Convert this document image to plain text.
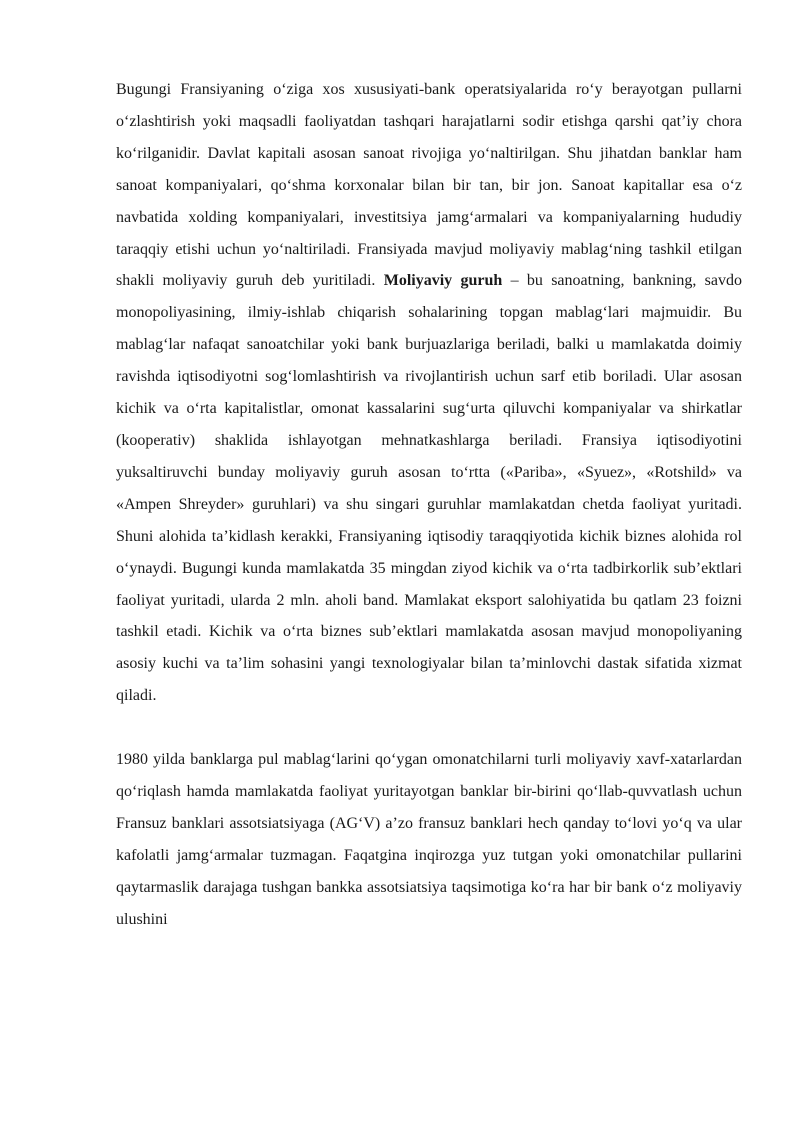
Bugungi Fransiyaning o‘ziga xos xususiyati-bank operatsiyalarida ro‘y berayotgan pullarni o‘zlashtirish yoki maqsadli faoliyatdan tashqari harajatlarni sodir etishga qarshi qat’iy chora ko‘rilganidir. Davlat kapitali asosan sanoat rivojiga yo‘naltirilgan. Shu jihatdan banklar ham sanoat kompaniyalari, qo‘shma korxonalar bilan bir tan, bir jon. Sanoat kapitallar esa o‘z navbatida xolding kompaniyalari, investitsiya jamg‘armalari va kompaniyalarning hududiy taraqqiy etishi uchun yo‘naltiriladi. Fransiyada mavjud moliyaviy mablag‘ning tashkil etilgan shakli moliyaviy guruh deb yuritiladi. Moliyaviy guruh – bu sanoatning, bankning, savdo monopoliyasining, ilmiy-ishlab chiqarish sohalarining topgan mablag‘lari majmuidir. Bu mablag‘lar nafaqat sanoatchilar yoki bank burjuazlariga beriladi, balki u mamlakatda doimiy ravishda iqtisodiyotni sog‘lomlashtirish va rivojlantirish uchun sarf etib boriladi. Ular asosan kichik va o‘rta kapitalistlar, omonat kassalarini sug‘urta qiluvchi kompaniyalar va shirkatlar (kooperativ) shaklida ishlayotgan mehnatkashlarga beriladi. Fransiya iqtisodiyotini yuksaltiruvchi bunday moliyaviy guruh asosan to‘rtta («Pariba», «Syuez», «Rotshild» va «Ampen Shreyder» guruhlari) va shu singari guruhlar mamlakatdan chetda faoliyat yuritadi. Shuni alohida ta’kidlash kerakki, Fransiyaning iqtisodiy taraqqiyotida kichik biznes alohida rol o‘ynaydi. Bugungi kunda mamlakatda 35 mingdan ziyod kichik va o‘rta tadbirkorlik sub’ektlari faoliyat yuritadi, ularda 2 mln. aholi band. Mamlakat eksport salohiyatida bu qatlam 23 foizni tashkil etadi. Kichik va o‘rta biznes sub’ektlari mamlakatda asosan mavjud monopoliyaning asosiy kuchi va ta’lim sohasini yangi texnologiyalar bilan ta’minlovchi dastak sifatida xizmat qiladi.

1980 yilda banklarga pul mablag‘larini qo‘ygan omonatchilarni turli moliyaviy xavf-xatarlardan qo‘riqlash hamda mamlakatda faoliyat yuritayotgan banklar bir-birini qo‘llab-quvvatlash uchun Fransuz banklari assotsiatsiyaga (AG‘V) a’zo fransuz banklari hech qanday to‘lovi yo‘q va ular kafolatli jamg‘armalar tuzmagan. Faqatgina inqirozga yuz tutgan yoki omonatchilar pullarini qaytarmaslik darajaga tushgan bankka assotsiatsiya taqsimotiga ko‘ra har bir bank o‘z moliyaviy ulushini
